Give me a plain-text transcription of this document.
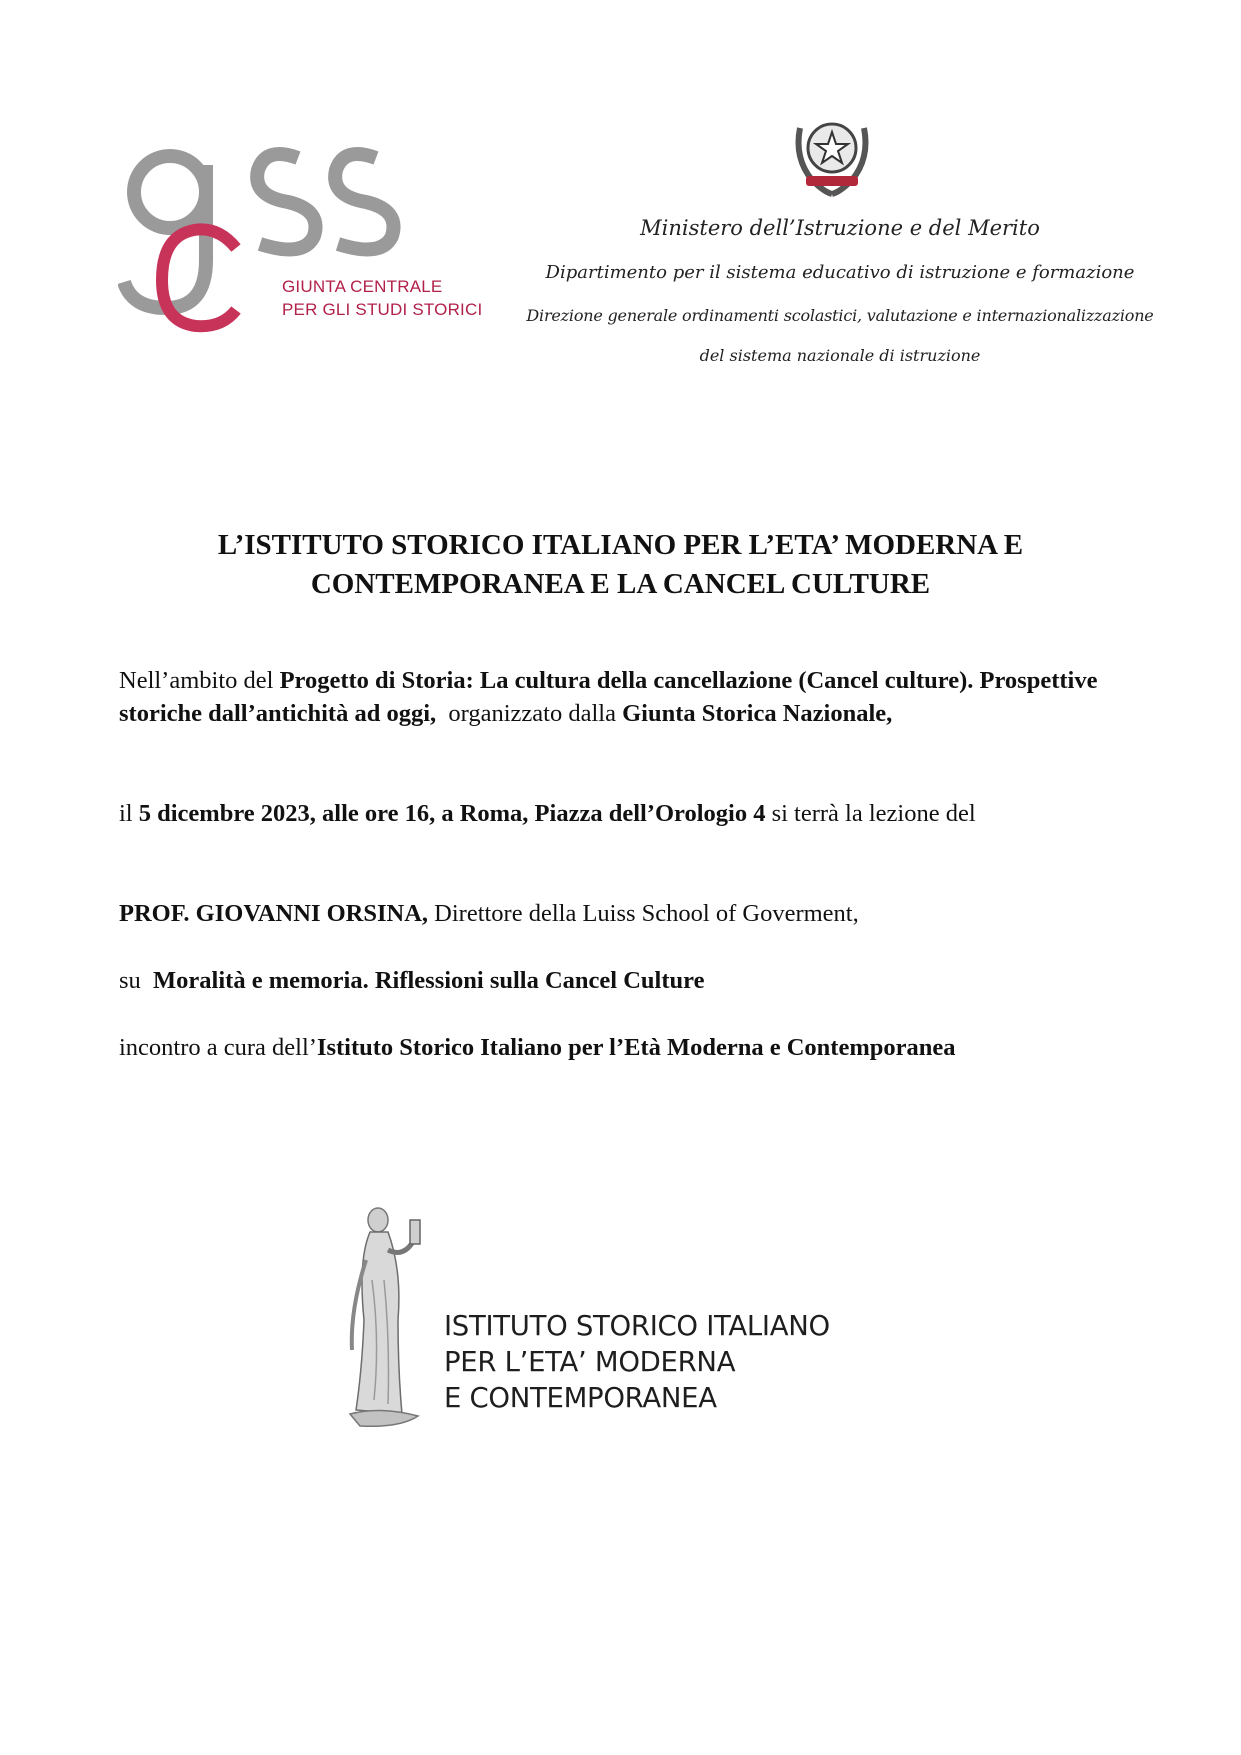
GIUNTA CENTRALE
PER GLI STUDI STORICI
Ministero dell’Istruzione e del Merito
Dipartimento per il sistema educativo di istruzione e formazione
Direzione generale ordinamenti scolastici, valutazione e internazionalizzazione
del sistema nazionale di istruzione
L’ISTITUTO STORICO ITALIANO PER L’ETA’ MODERNA E
CONTEMPORANEA E LA CANCEL CULTURE
Nell’ambito del Progetto di Storia: La cultura della cancellazione (Cancel culture). Prospettive storiche dall’antichità ad oggi,  organizzato dalla Giunta Storica Nazionale,
il 5 dicembre 2023, alle ore 16, a Roma, Piazza dell’Orologio 4 si terrà la lezione del
PROF. GIOVANNI ORSINA, Direttore della Luiss School of Goverment,
su  Moralità e memoria. Riflessioni sulla Cancel Culture
incontro a cura dell’Istituto Storico Italiano per l’Età Moderna e Contemporanea
ISTITUTO STORICO ITALIANO
PER L’ETA’ MODERNA
E CONTEMPORANEA
